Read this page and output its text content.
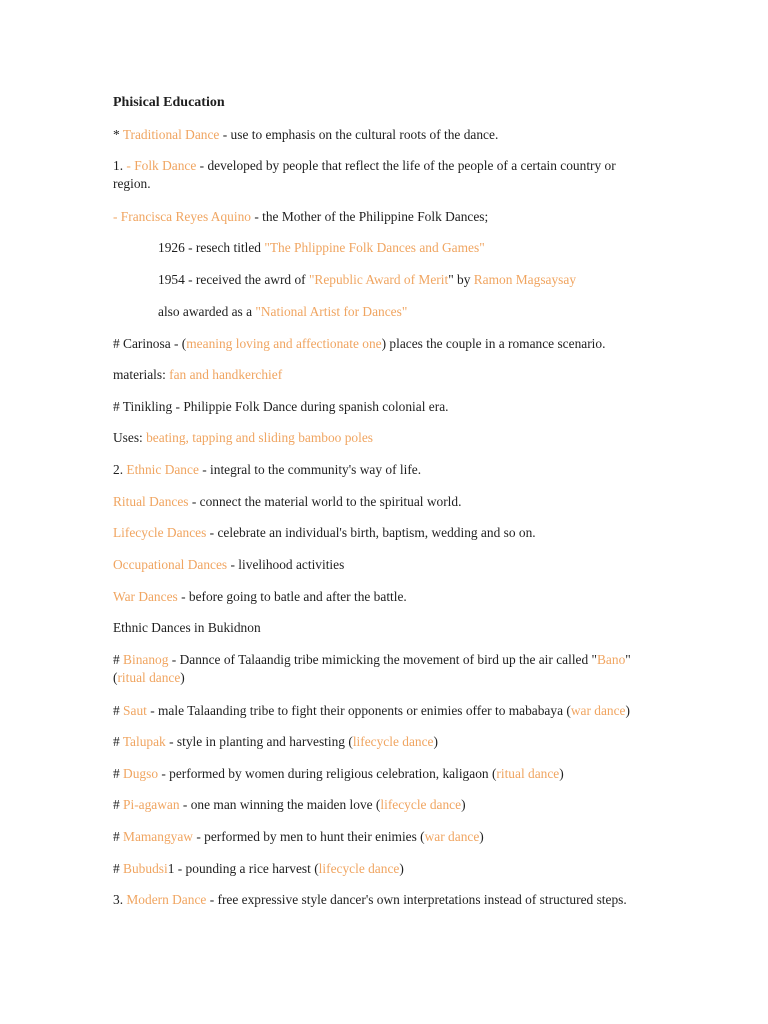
Phisical Education
* Traditional Dance - use to emphasis on the cultural roots of the dance.
1. - Folk Dance - developed by people that reflect the life of the people of a certain country or region.
- Francisca Reyes Aquino - the Mother of the Philippine Folk Dances;
1926 - resech titled "The Phlippine Folk Dances and Games"
1954 - received the awrd of "Republic Award of Merit" by Ramon Magsaysay
also awarded as a "National Artist for Dances"
# Carinosa - (meaning loving and affectionate one) places the couple in a romance scenario.
materials: fan and handkerchief
# Tinikling - Philippie Folk Dance during spanish colonial era.
Uses: beating, tapping and sliding bamboo poles
2. Ethnic Dance - integral to the community's way of life.
Ritual Dances - connect the material world to the spiritual world.
Lifecycle Dances - celebrate an individual's birth, baptism, wedding and so on.
Occupational Dances - livelihood activities
War Dances - before going to batle and after the battle.
Ethnic Dances in Bukidnon
# Binanog - Dannce of Talaandig tribe mimicking the movement of bird up the air called "Bano" (ritual dance)
# Saut - male Talaanding tribe to fight their opponents or enimies offer to mababaya (war dance)
# Talupak - style in planting and harvesting (lifecycle dance)
# Dugso - performed by women during religious celebration, kaligaon (ritual dance)
# Pi-agawan - one man winning the maiden love (lifecycle dance)
# Mamangyaw - performed by men to hunt their enimies (war dance)
# Bubudsi1 - pounding a rice harvest (lifecycle dance)
3. Modern Dance - free expressive style dancer's own interpretations instead of structured steps.
